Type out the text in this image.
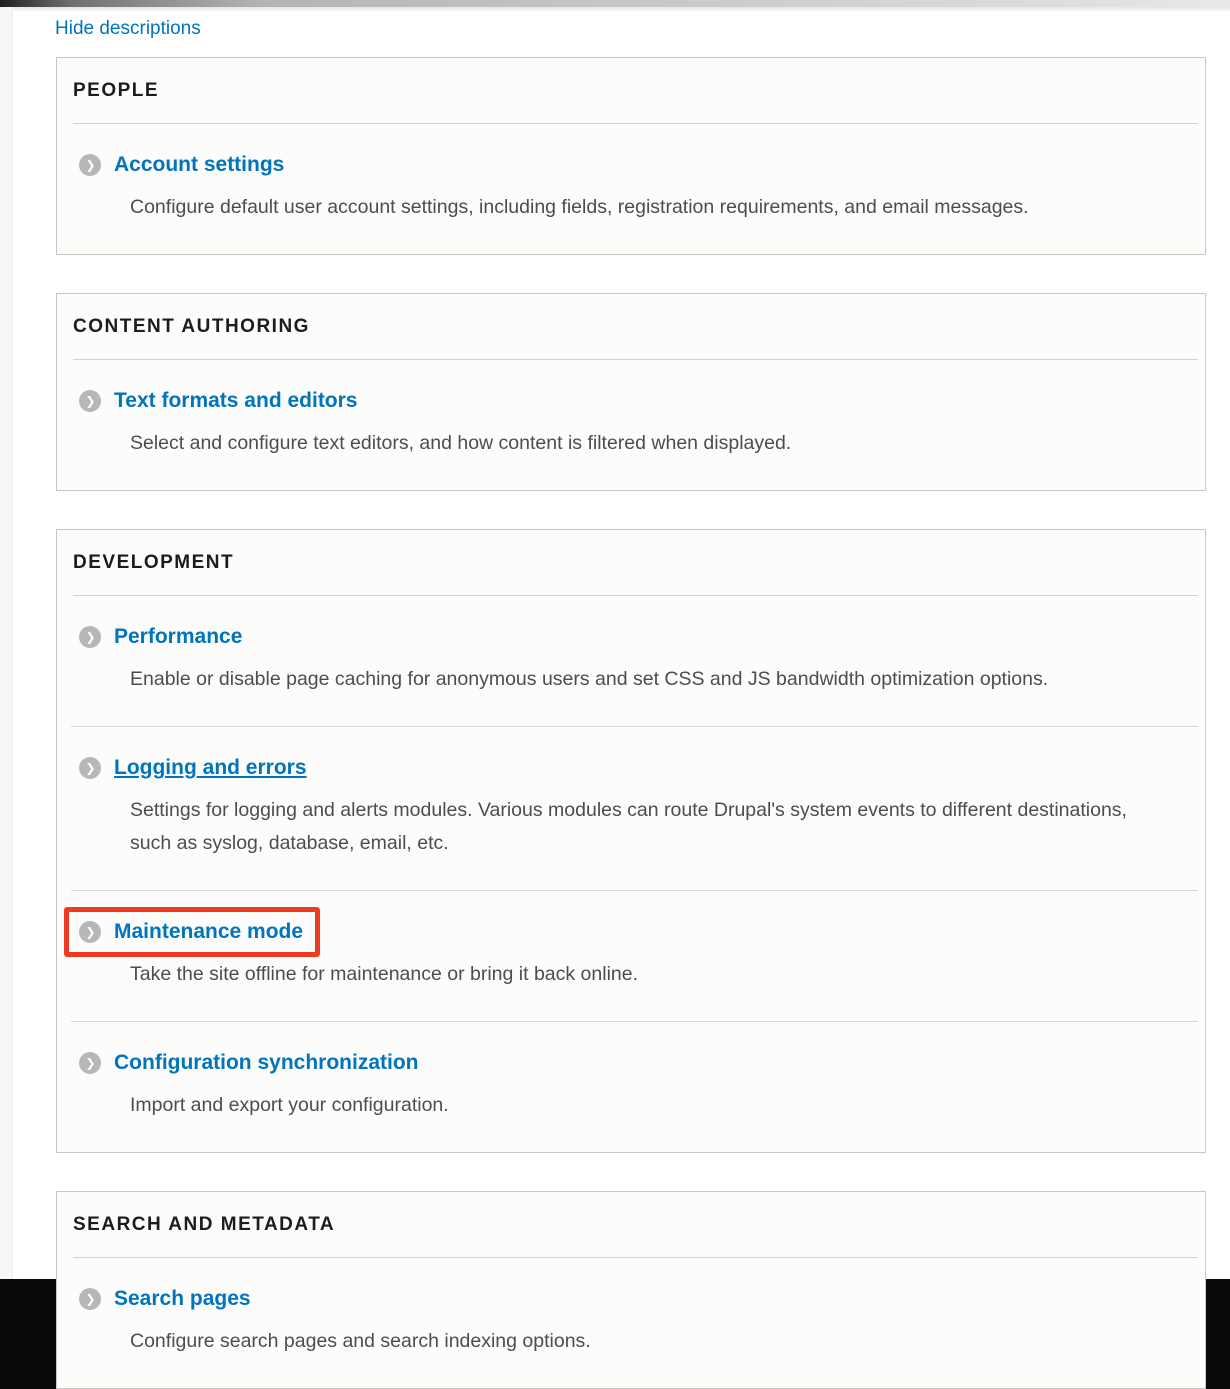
Hide descriptions
PEOPLE
❯ Account settings
Configure default user account settings, including fields, registration requirements, and email messages.
CONTENT AUTHORING
❯ Text formats and editors
Select and configure text editors, and how content is filtered when displayed.
DEVELOPMENT
❯ Performance
Enable or disable page caching for anonymous users and set CSS and JS bandwidth optimization options.
❯ Logging and errors
Settings for logging and alerts modules. Various modules can route Drupal's system events to different destinations, such as syslog, database, email, etc.
❯ Maintenance mode
Take the site offline for maintenance or bring it back online.
❯ Configuration synchronization
Import and export your configuration.
SEARCH AND METADATA
❯ Search pages
Configure search pages and search indexing options.
